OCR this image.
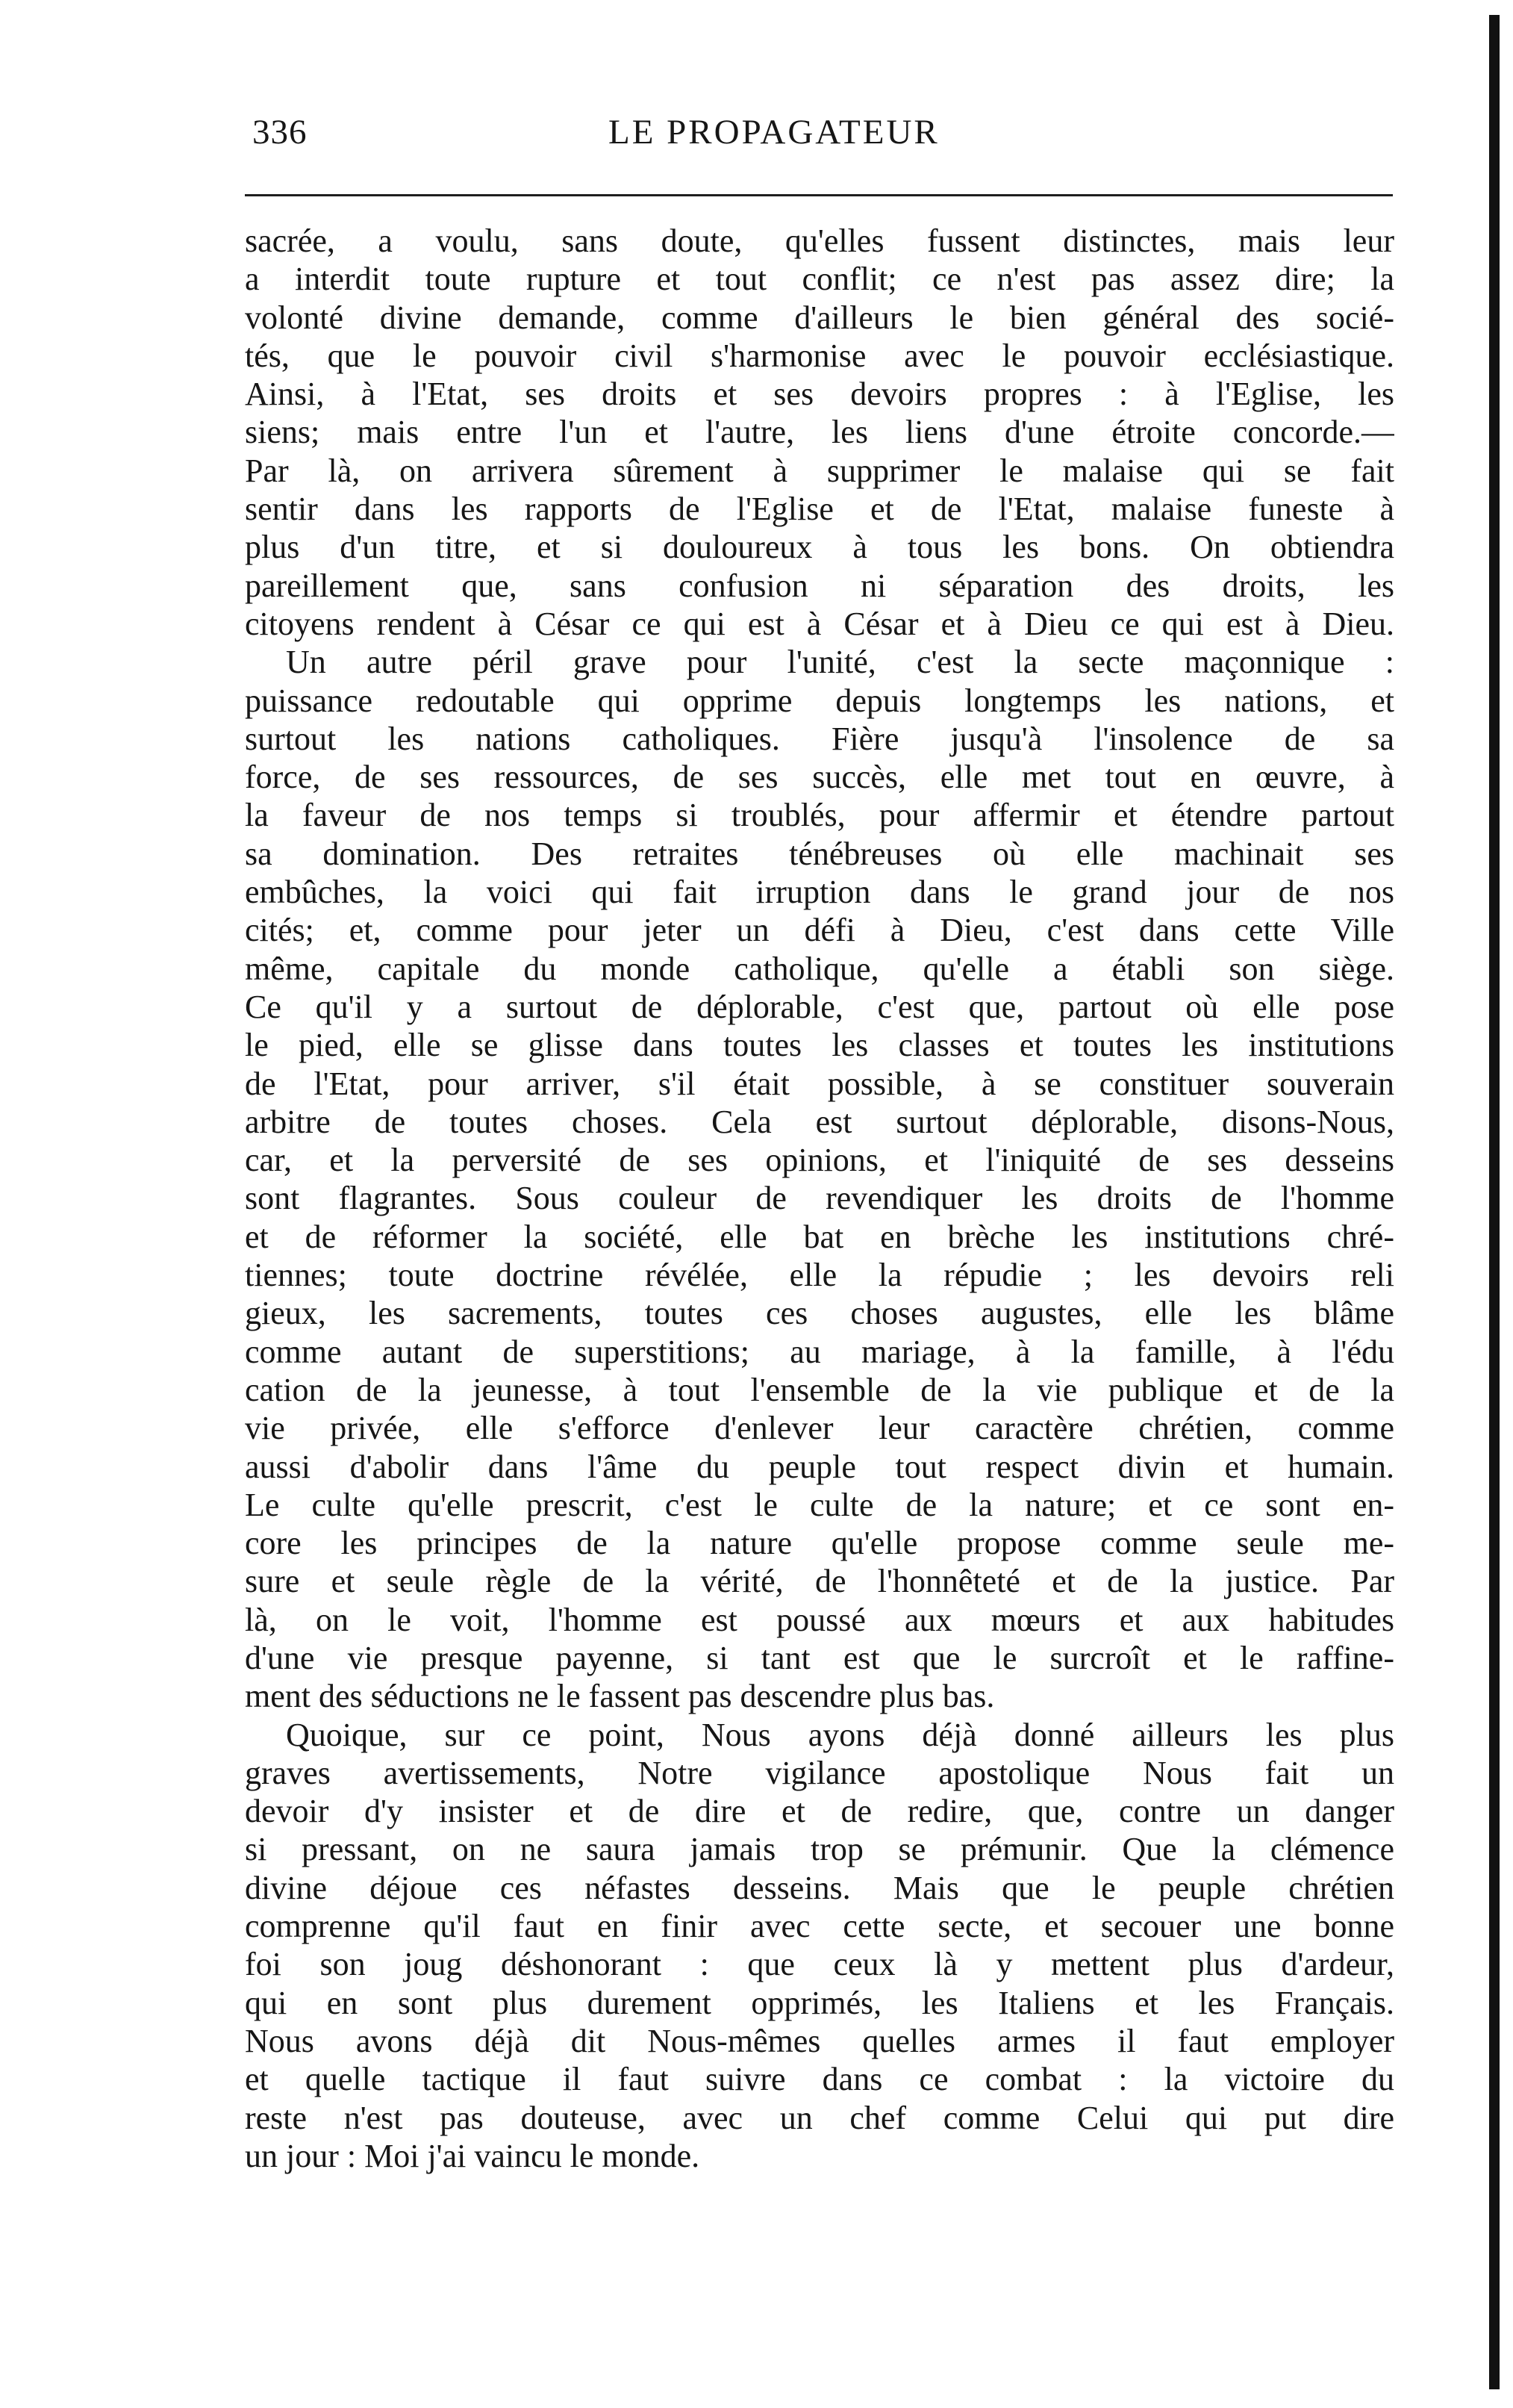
336	LE PROPAGATEUR
sacrée, a voulu, sans doute, qu'elles fussent distinctes, mais leur
a interdit toute rupture et tout conflit; ce n'est pas assez dire; la
volonté divine demande, comme d'ailleurs le bien général des socié-
tés, que le pouvoir civil s'harmonise avec le pouvoir ecclésiastique.
Ainsi, à l'Etat, ses droits et ses devoirs propres : à l'Eglise, les
siens; mais entre l'un et l'autre, les liens d'une étroite concorde.—
Par là, on arrivera sûrement à supprimer le malaise qui se fait
sentir dans les rapports de l'Eglise et de l'Etat, malaise funeste à
plus d'un titre, et si douloureux à tous les bons. On obtiendra
pareillement que, sans confusion ni séparation des droits, les
citoyens rendent à César ce qui est à César et à Dieu ce qui est à Dieu.
Un autre péril grave pour l'unité, c'est la secte maçonnique :
puissance redoutable qui opprime depuis longtemps les nations, et
surtout les nations catholiques. Fière jusqu'à l'insolence de sa
force, de ses ressources, de ses succès, elle met tout en œuvre, à
la faveur de nos temps si troublés, pour affermir et étendre partout
sa domination. Des retraites ténébreuses où elle machinait ses
embûches, la voici qui fait irruption dans le grand jour de nos
cités; et, comme pour jeter un défi à Dieu, c'est dans cette Ville
même, capitale du monde catholique, qu'elle a établi son siège.
Ce qu'il y a surtout de déplorable, c'est que, partout où elle pose
le pied, elle se glisse dans toutes les classes et toutes les institutions
de l'Etat, pour arriver, s'il était possible, à se constituer souverain
arbitre de toutes choses. Cela est surtout déplorable, disons-Nous,
car, et la perversité de ses opinions, et l'iniquité de ses desseins
sont flagrantes. Sous couleur de revendiquer les droits de l'homme
et de réformer la société, elle bat en brèche les institutions chré-
tiennes; toute doctrine révélée, elle la répudie ; les devoirs reli
gieux, les sacrements, toutes ces choses augustes, elle les blâme
comme autant de superstitions; au mariage, à la famille, à l'édu
cation de la jeunesse, à tout l'ensemble de la vie publique et de la
vie privée, elle s'efforce d'enlever leur caractère chrétien, comme
aussi d'abolir dans l'âme du peuple tout respect divin et humain.
Le culte qu'elle prescrit, c'est le culte de la nature; et ce sont en-
core les principes de la nature qu'elle propose comme seule me-
sure et seule règle de la vérité, de l'honnêteté et de la justice. Par
là, on le voit, l'homme est poussé aux mœurs et aux habitudes
d'une vie presque payenne, si tant est que le surcroît et le raffine-
ment des séductions ne le fassent pas descendre plus bas.
Quoique, sur ce point, Nous ayons déjà donné ailleurs les plus
graves avertissements, Notre vigilance apostolique Nous fait un
devoir d'y insister et de dire et de redire, que, contre un danger
si pressant, on ne saura jamais trop se prémunir. Que la clémence
divine déjoue ces néfastes desseins. Mais que le peuple chrétien
comprenne qu'il faut en finir avec cette secte, et secouer une bonne
foi son joug déshonorant : que ceux là y mettent plus d'ardeur,
qui en sont plus durement opprimés, les Italiens et les Français.
Nous avons déjà dit Nous-mêmes quelles armes il faut employer
et quelle tactique il faut suivre dans ce combat : la victoire du
reste n'est pas douteuse, avec un chef comme Celui qui put dire
un jour : Moi j'ai vaincu le monde.
